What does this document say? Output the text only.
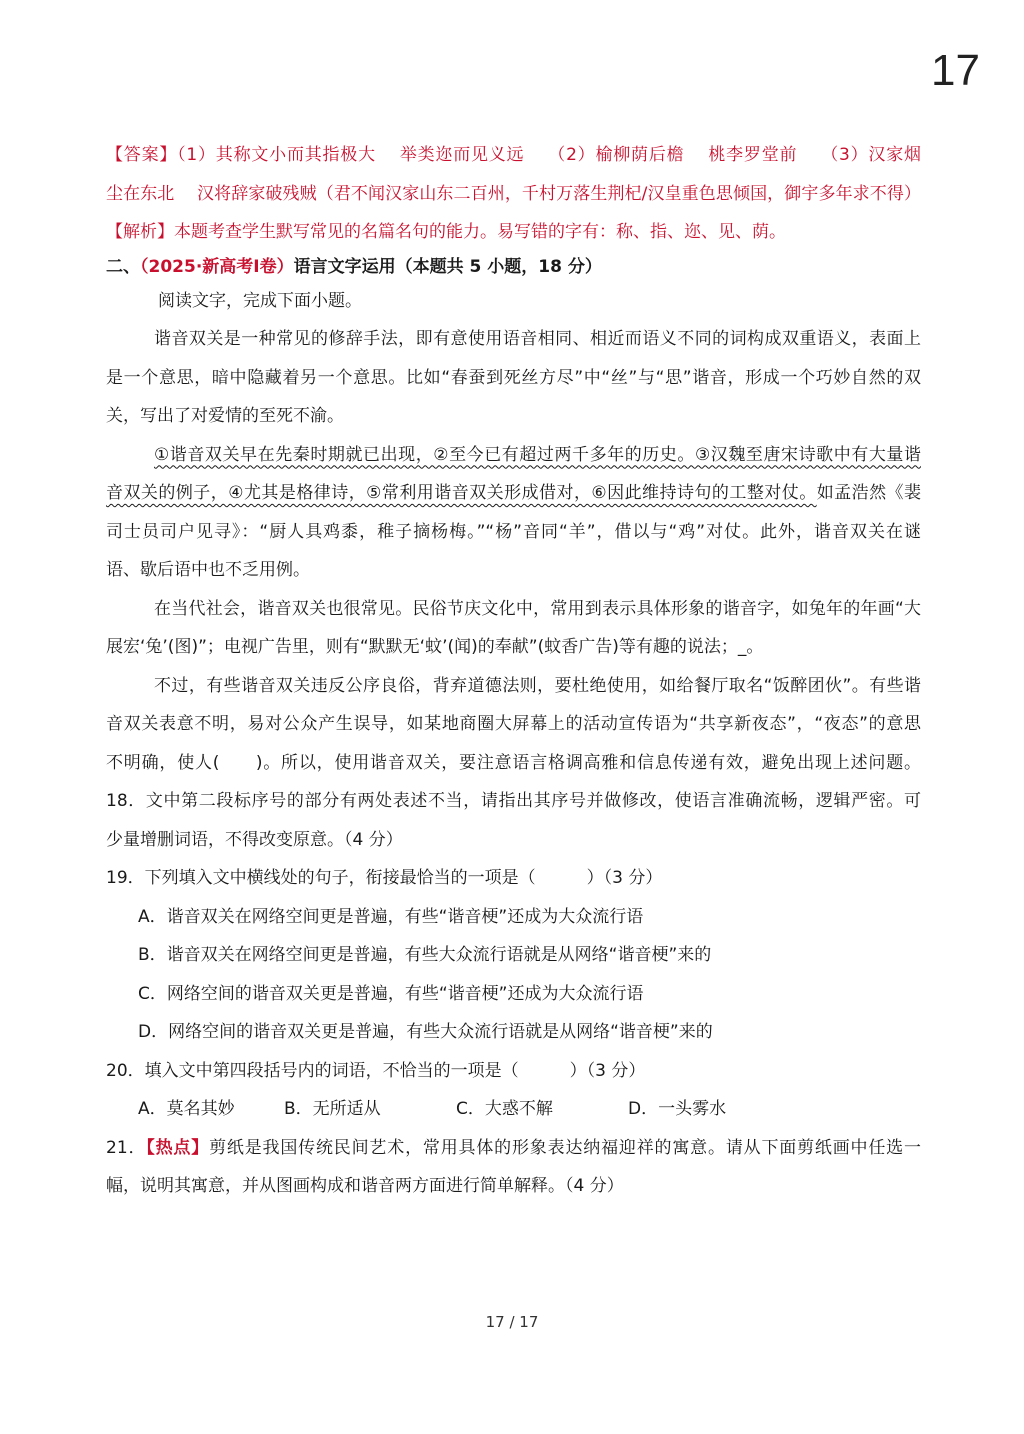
17
【答案】（1）其称文小而其指极大　 举类迩而见义远　 （2）榆柳荫后檐　 桃李罗堂前　 （3）汉家烟
尘在东北　 汉将辞家破残贼（君不闻汉家山东二百州，千村万落生荆杞/汉皇重色思倾国，御宇多年求不得）
【解析】本题考查学生默写常见的名篇名句的能力。易写错的字有：称、指、迩、见、荫。
二、（2025·新高考Ⅰ卷）语言文字运用（本题共 5 小题，18 分）
阅读文字，完成下面小题。
谐音双关是一种常见的修辞手法，即有意使用语音相同、相近而语义不同的词构成双重语义，表面上
是一个意思，暗中隐藏着另一个意思。比如“春蚕到死丝方尽”中“丝”与“思”谐音，形成一个巧妙自然的双
关，写出了对爱情的至死不渝。
①谐音双关早在先秦时期就已出现，②至今已有超过两千多年的历史。③汉魏至唐宋诗歌中有大量谐
音双关的例子，④尤其是格律诗，⑤常利用谐音双关形成借对，⑥因此维持诗句的工整对仗。如孟浩然《裴
司士员司户见寻》：“厨人具鸡黍，稚子摘杨梅。”“杨”音同“羊”，借以与“鸡”对仗。此外，谐音双关在谜
语、歇后语中也不乏用例。
在当代社会，谐音双关也很常见。民俗节庆文化中，常用到表示具体形象的谐音字，如兔年的年画“大
展宏‘兔’(图)”；电视广告里，则有“默默无‘蚊’(闻)的奉献”(蚊香广告)等有趣的说法；_。
不过，有些谐音双关违反公序良俗，背弃道德法则，要杜绝使用，如给餐厅取名“饭醉团伙”。有些谐
音双关表意不明，易对公众产生误导，如某地商圈大屏幕上的活动宣传语为“共享新夜态”，“夜态”的意思
不明确，使人(　　)。所以，使用谐音双关，要注意语言格调高雅和信息传递有效，避免出现上述问题。
18．文中第二段标序号的部分有两处表述不当，请指出其序号并做修改，使语言准确流畅，逻辑严密。可
少量增删词语，不得改变原意。（4 分）
19．下列填入文中横线处的句子，衔接最恰当的一项是（　　　）（3 分）
A．谐音双关在网络空间更是普遍，有些“谐音梗”还成为大众流行语
B．谐音双关在网络空间更是普遍，有些大众流行语就是从网络“谐音梗”来的
C．网络空间的谐音双关更是普遍，有些“谐音梗”还成为大众流行语
D．网络空间的谐音双关更是普遍，有些大众流行语就是从网络“谐音梗”来的
20．填入文中第四段括号内的词语，不恰当的一项是（　　　）（3 分）
A．莫名其妙	B．无所适从	C．大惑不解	D．一头雾水
21．【热点】剪纸是我国传统民间艺术，常用具体的形象表达纳福迎祥的寓意。请从下面剪纸画中任选一
幅，说明其寓意，并从图画构成和谐音两方面进行简单解释。（4 分）
17 / 17
